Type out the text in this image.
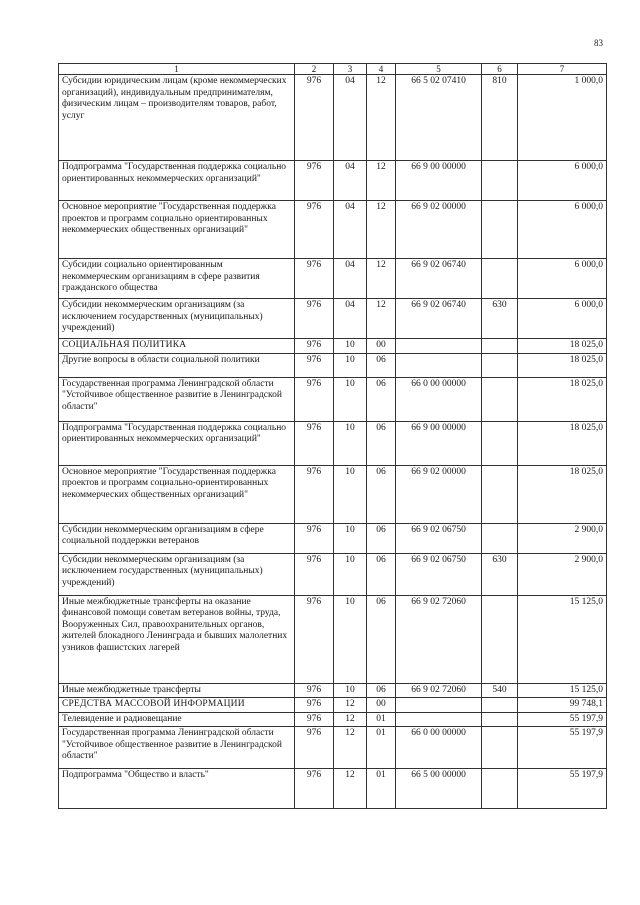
83
1	2	3	4	5	6	7
Субсидии юридическим лицам (кроме некоммерческих организаций), индивидуальным предпринимателям, физическим лицам – производителям товаров, работ, услуг	976	04	12	66 5 02 07410	810	1 000,0
Подпрограмма "Государственная поддержка социально ориентированных некоммерческих организаций"	976	04	12	66 9 00 00000		6 000,0
Основное мероприятие "Государственная поддержка проектов и программ социально ориентированных некоммерческих общественных организаций"	976	04	12	66 9 02 00000		6 000,0
Субсидии социально ориентированным некоммерческим организациям в сфере развития гражданского общества	976	04	12	66 9 02 06740		6 000,0
Субсидии некоммерческим организациям (за исключением государственных (муниципальных) учреждений)	976	04	12	66 9 02 06740	630	6 000,0
СОЦИАЛЬНАЯ ПОЛИТИКА	976	10	00			18 025,0
Другие вопросы в области социальной политики	976	10	06			18 025,0
Государственная программа Ленинградской области "Устойчивое общественное развитие в Ленинградской области"	976	10	06	66 0 00 00000		18 025,0
Подпрограмма "Государственная поддержка социально ориентированных некоммерческих организаций"	976	10	06	66 9 00 00000		18 025,0
Основное мероприятие "Государственная поддержка проектов и программ социально-ориентированных некоммерческих общественных организаций"	976	10	06	66 9 02 00000		18 025,0
Субсидии некоммерческим организациям в сфере социальной поддержки ветеранов	976	10	06	66 9 02 06750		2 900,0
Субсидии некоммерческим организациям (за исключением государственных (муниципальных) учреждений)	976	10	06	66 9 02 06750	630	2 900,0
Иные межбюджетные трансферты на оказание финансовой помощи советам ветеранов войны, труда, Вооруженных Сил, правоохранительных органов, жителей блокадного Ленинграда и бывших малолетних узников фашистских лагерей	976	10	06	66 9 02 72060		15 125,0
Иные межбюджетные трансферты	976	10	06	66 9 02 72060	540	15 125,0
СРЕДСТВА МАССОВОЙ ИНФОРМАЦИИ	976	12	00			99 748,1
Телевидение и радиовещание	976	12	01			55 197,9
Государственная программа Ленинградской области "Устойчивое общественное развитие в Ленинградской области"	976	12	01	66 0 00 00000		55 197,9
Подпрограмма "Общество и власть"	976	12	01	66 5 00 00000		55 197,9
